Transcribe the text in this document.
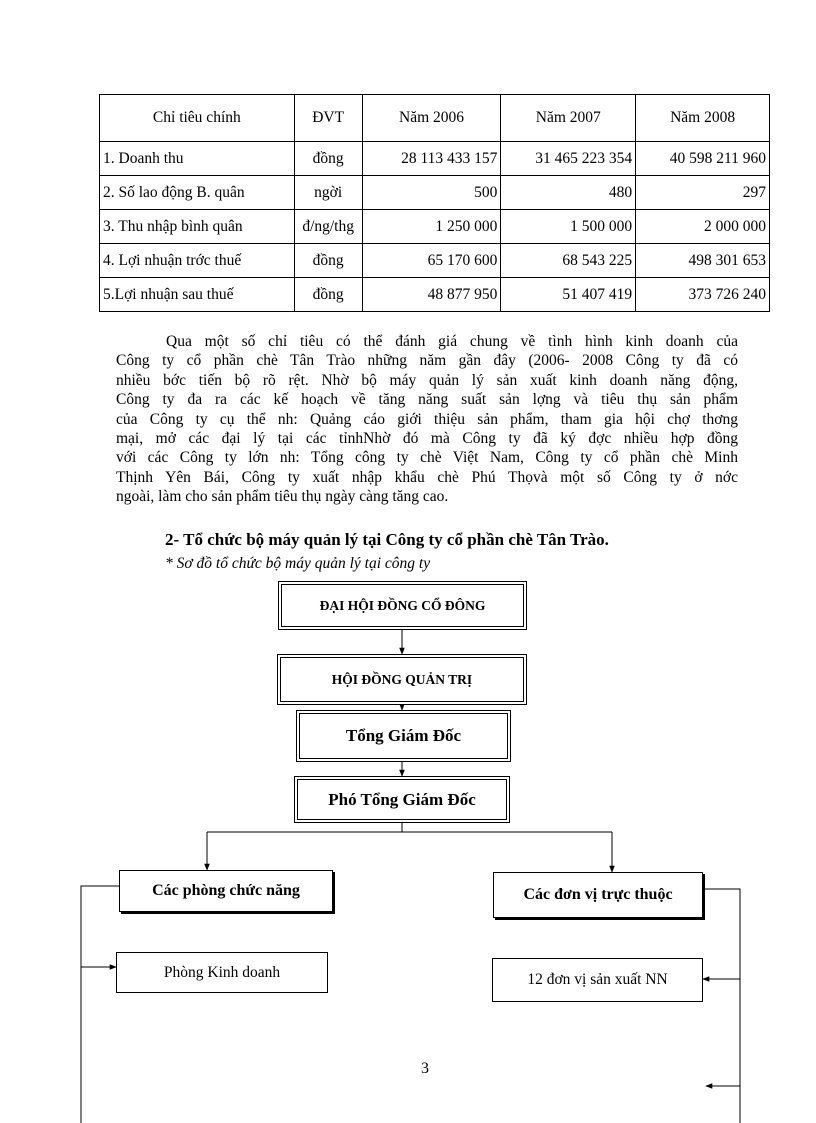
Chỉ tiêu chính	ĐVT	Năm 2006	Năm 2007	Năm 2008
1. Doanh thu	đồng	28 113 433 157	31 465 223 354	40 598 211 960
2. Số lao động B. quân	ngời	500	480	297
3. Thu nhập bình quân	đ/ng/thg	1 250 000	1 500 000	2 000 000
4. Lợi nhuận trớc thuế	đồng	65 170 600	68 543 225	498 301 653
5.Lợi nhuận sau thuế	đồng	48 877 950	51 407 419	373 726 240
Qua một số chỉ tiêu có thể đánh giá chung về tình hình kinh doanh của
Công ty cổ phần chè Tân Trào những năm gần đây (2006- 2008 Công ty đã có
nhiều bớc tiến bộ rõ rệt. Nhờ bộ máy quản lý sản xuất kinh doanh năng động,
Công ty đa ra các kế hoạch về tăng năng suất sản lợng và tiêu thụ sản phẩm
của Công ty cụ thể nh: Quảng cáo giới thiệu sản phẩm, tham gia hội chợ thơng
mại, mở các đại lý tại các tỉnhNhờ đó mà Công ty đã ký đợc nhiều hợp đồng
với các Công ty lớn nh: Tổng công ty chè Việt Nam, Công ty cổ phần chè Minh
Thịnh Yên Bái, Công ty xuất nhập khẩu chè Phú Thọvà một số Công ty ở nớc
ngoài, làm cho sản phẩm tiêu thụ ngày càng tăng cao.
2- Tổ chức bộ máy quản lý tại Công ty cổ phần chè Tân Trào.
* Sơ đồ tổ chức bộ máy quản lý tại công ty
ĐẠI HỘI ĐỒNG CỔ ĐÔNG
HỘI ĐỒNG QUẢN TRỊ
Tổng Giám Đốc
Phó Tổng Giám Đốc
Các phòng chức năng	Các đơn vị trực thuộc
Phòng Kinh doanh	12 đơn vị sản xuất NN
3
